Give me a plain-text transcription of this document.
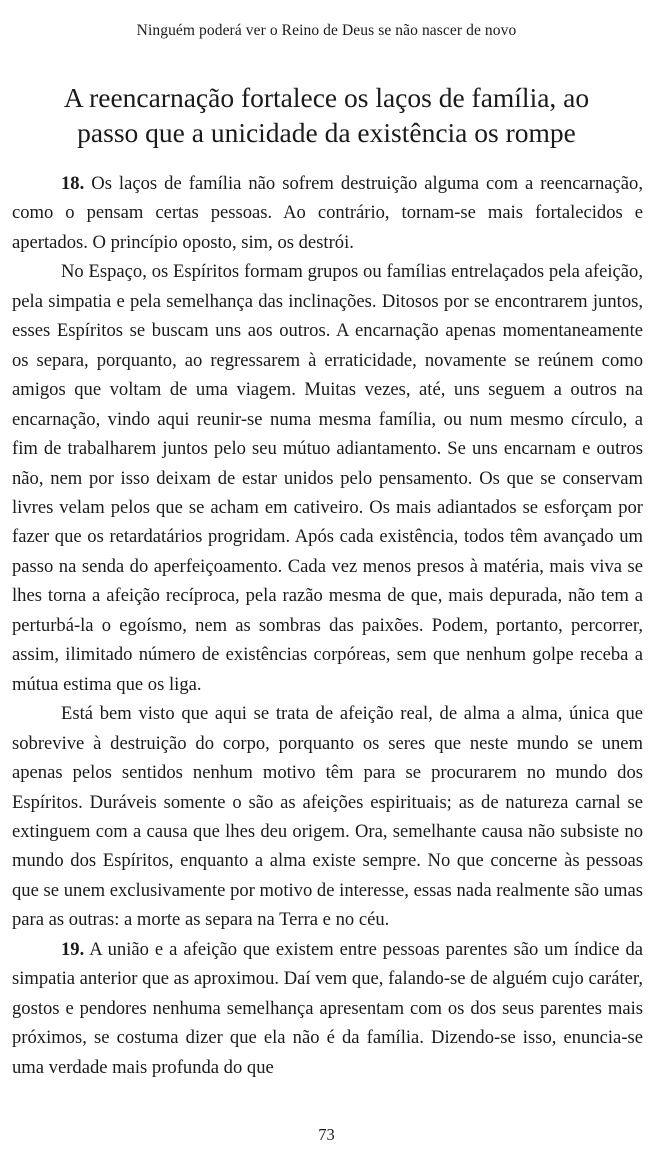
Ninguém poderá ver o Reino de Deus se não nascer de novo
A reencarnação fortalece os laços de família, ao
passo que a unicidade da existência os rompe

18. Os laços de família não sofrem destruição alguma com a reencarnação, como o pensam certas pessoas. Ao contrário, tornam-se mais fortalecidos e apertados. O princípio oposto, sim, os destrói.

No Espaço, os Espíritos formam grupos ou famílias entrelaçados pela afeição, pela simpatia e pela semelhança das inclinações. Ditosos por se encontrarem juntos, esses Espíritos se buscam uns aos outros. A encarnação apenas momentaneamente os separa, porquanto, ao regressarem à erraticidade, novamente se reúnem como amigos que voltam de uma viagem. Muitas vezes, até, uns seguem a outros na encarnação, vindo aqui reunir-se numa mesma família, ou num mesmo círculo, a fim de trabalharem juntos pelo seu mútuo adiantamento. Se uns encarnam e outros não, nem por isso deixam de estar unidos pelo pensamento. Os que se conservam livres velam pelos que se acham em cativeiro. Os mais adiantados se esforçam por fazer que os retardatários progridam. Após cada existência, todos têm avançado um passo na senda do aperfeiçoamento. Cada vez menos presos à matéria, mais viva se lhes torna a afeição recíproca, pela razão mesma de que, mais depurada, não tem a perturbá-la o egoísmo, nem as sombras das paixões. Podem, portanto, percorrer, assim, ilimitado número de existências corpóreas, sem que nenhum golpe receba a mútua estima que os liga.

Está bem visto que aqui se trata de afeição real, de alma a alma, única que sobrevive à destruição do corpo, porquanto os seres que neste mundo se unem apenas pelos sentidos nenhum motivo têm para se procurarem no mundo dos Espíritos. Duráveis somente o são as afeições espirituais; as de natureza carnal se extinguem com a causa que lhes deu origem. Ora, semelhante causa não subsiste no mundo dos Espíritos, enquanto a alma existe sempre. No que concerne às pessoas que se unem exclusivamente por motivo de interesse, essas nada realmente são umas para as outras: a morte as separa na Terra e no céu.

19. A união e a afeição que existem entre pessoas parentes são um índice da simpatia anterior que as aproximou. Daí vem que, falando-se de alguém cujo caráter, gostos e pendores nenhuma semelhança apresentam com os dos seus parentes mais próximos, se costuma dizer que ela não é da família. Dizendo-se isso, enuncia-se uma verdade mais profunda do que

73
